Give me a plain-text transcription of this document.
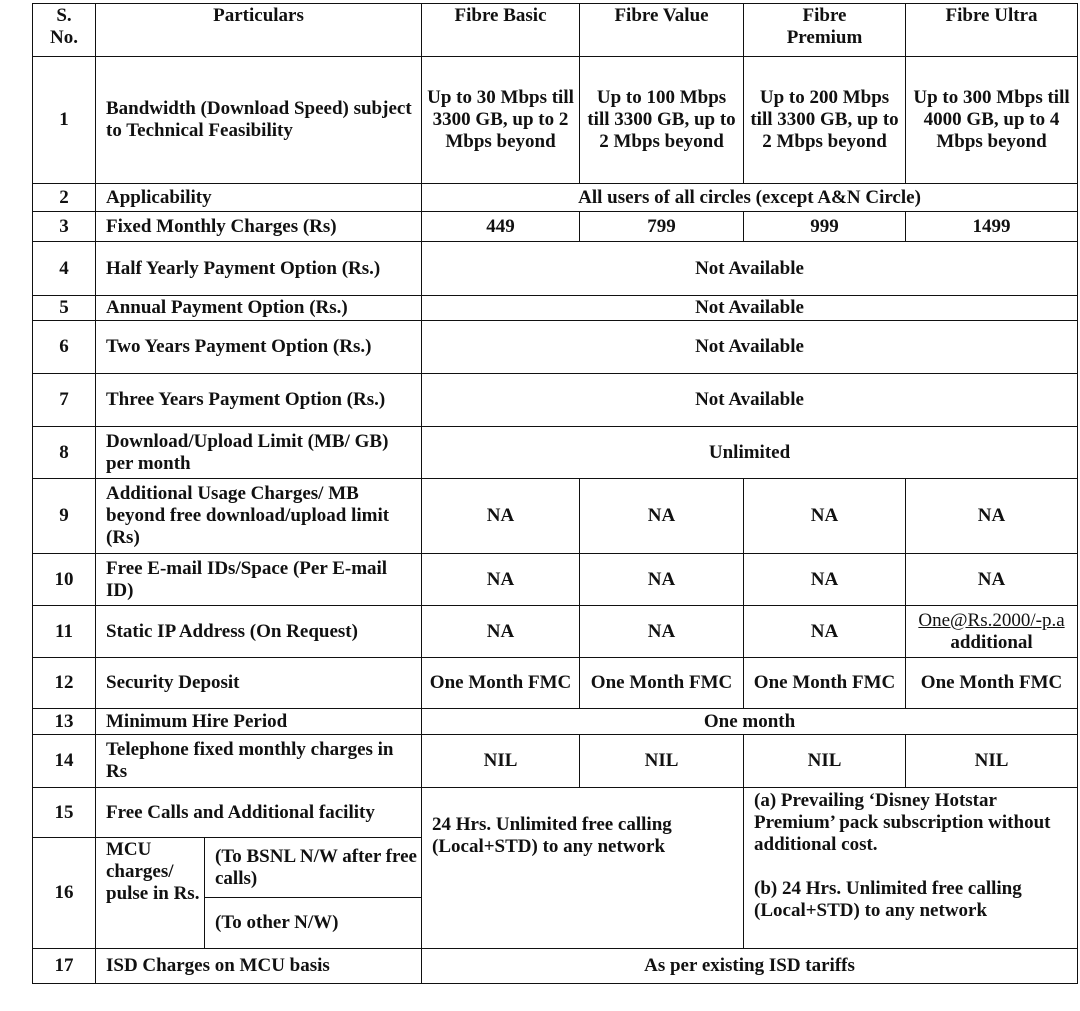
S.
No.	Particulars		Fibre Basic	Fibre Value	Fibre Premium	Fibre Ultra
1	Bandwidth (Download Speed) subject to Technical Feasibility		Up to 30 Mbps till 3300 GB, up to 2 Mbps beyond	Up to 100 Mbps till 3300 GB, up to 2 Mbps beyond	Up to 200 Mbps till 3300 GB, up to 2 Mbps beyond	Up to 300 Mbps till 4000 GB, up to 4 Mbps beyond
2	Applicability		All users of all circles (except A&N Circle)			
3	Fixed Monthly Charges (Rs)		449	799	999	1499
4	Half Yearly Payment Option (Rs.)		Not Available			
5	Annual Payment Option (Rs.)		Not Available			
6	Two Years Payment Option (Rs.)		Not Available			
7	Three Years Payment Option (Rs.)		Not Available			
8	Download/Upload Limit (MB/ GB) per month		Unlimited			
9	Additional Usage Charges/ MB beyond free download/upload limit (Rs)		NA	NA	NA	NA
10	Free E-mail IDs/Space (Per E-mail ID)		NA	NA	NA	NA
11	Static IP Address (On Request)		NA	NA	NA	One@Rs.2000/-p.a additional
12	Security Deposit		One Month FMC	One Month FMC	One Month FMC	One Month FMC
13	Minimum Hire Period		One month			
14	Telephone fixed monthly charges in Rs		NIL	NIL	NIL	NIL
15	Free Calls and Additional facility		24 Hrs. Unlimited free calling (Local+STD) to any network		(a) Prevailing ‘Disney Hotstar Premium’ pack subscription without additional cost.
(b) 24 Hrs. Unlimited free calling (Local+STD) to any network	
16	MCU charges/ pulse in Rs.	(To BSNL N/W after free calls)				
		(To other N/W)				
17	ISD Charges on MCU basis		As per existing ISD tariffs			
